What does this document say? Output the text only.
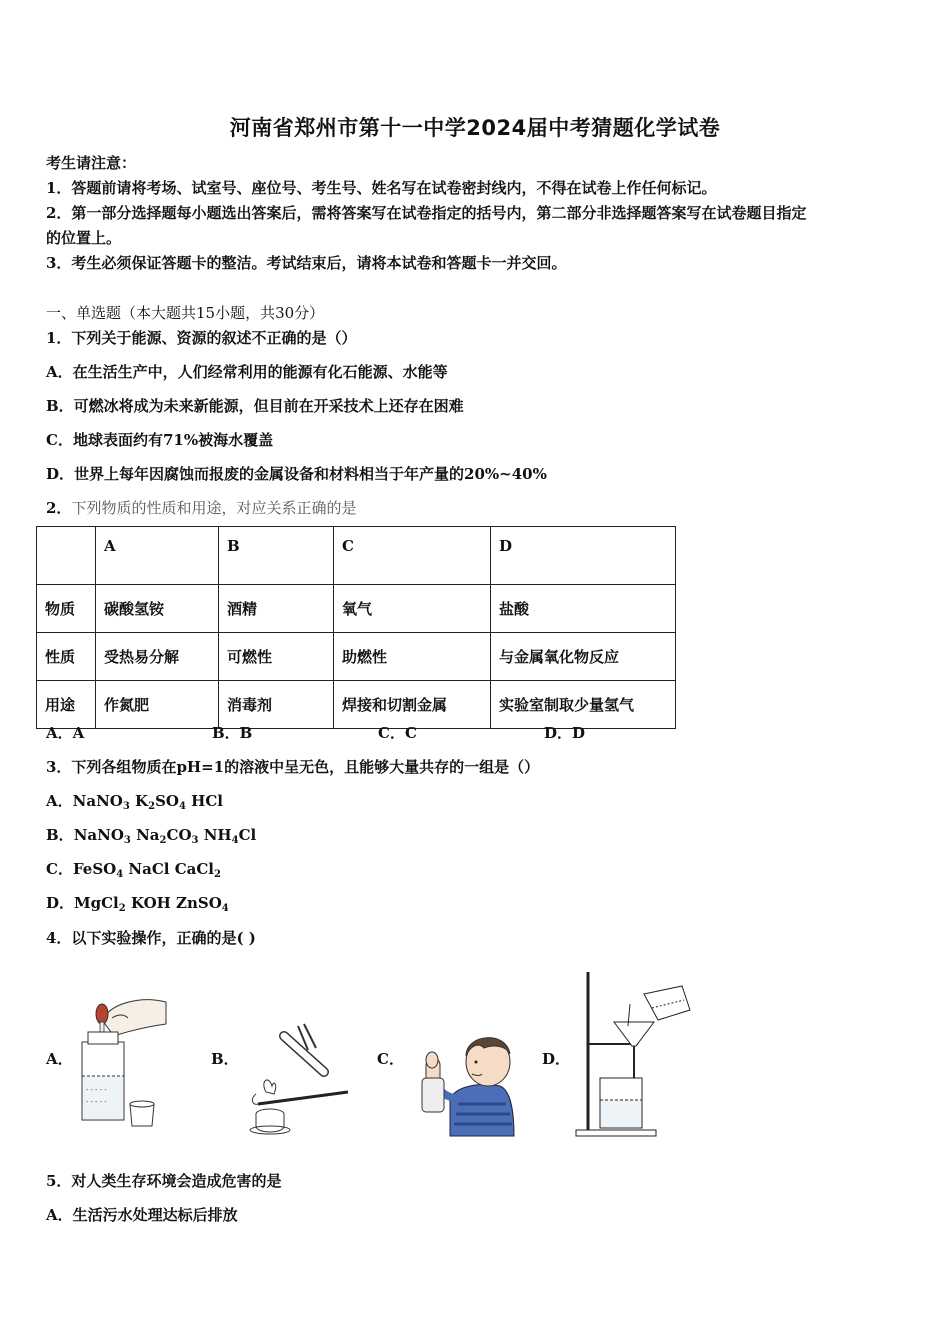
河南省郑州市第十一中学2024届中考猜题化学试卷
考生请注意：
1．答题前请将考场、试室号、座位号、考生号、姓名写在试卷密封线内，不得在试卷上作任何标记。
2．第一部分选择题每小题选出答案后，需将答案写在试卷指定的括号内，第二部分非选择题答案写在试卷题目指定
的位置上。
3．考生必须保证答题卡的整洁。考试结束后，请将本试卷和答题卡一并交回。
一、单选题（本大题共15小题，共30分）
1．下列关于能源、资源的叙述不正确的是（）
A．在生活生产中，人们经常利用的能源有化石能源、水能等
B．可燃冰将成为未来新能源，但目前在开采技术上还存在困难
C．地球表面约有71%被海水覆盖
D．世界上每年因腐蚀而报废的金属设备和材料相当于年产量的20%~40%
2．下列物质的性质和用途，对应关系正确的是
	A	B	C	D
物质	碳酸氢铵	酒精	氧气	盐酸
性质	受热易分解	可燃性	助燃性	与金属氧化物反应
用途	作氮肥	消毒剂	焊接和切割金属	实验室制取少量氢气
A．A	B．B	C．C	D．D
3．下列各组物质在pH=1的溶液中呈无色，且能够大量共存的一组是（）
A．NaNO$_3$ $K_2SO_4$ HCl
B．NaNO$_3$ $Na_2CO_3$ $NH_4Cl$
C．FeSO$_4$ NaCl CaCl$_2$
D．MgCl$_2$ KOH ZnSO$_4$
4．以下实验操作，正确的是( )
A．	B．	C．	D．
- - - - -
- - - - -
5．对人类生存环境会造成危害的是
A．生活污水处理达标后排放
